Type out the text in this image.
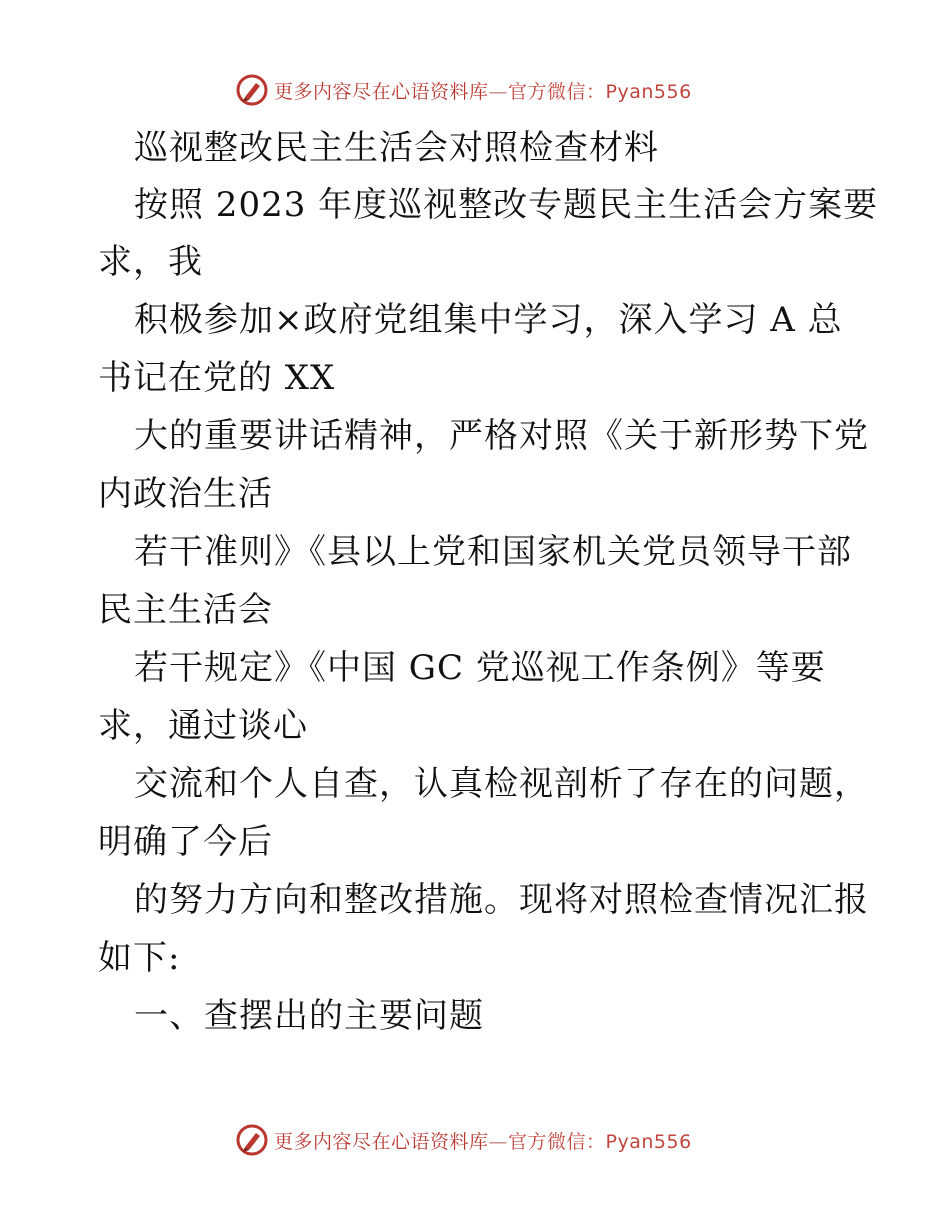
更多内容尽在心语资料库—官方微信：Pyan556
巡视整改民主生活会对照检查材料
按照 2023 年度巡视整改专题民主生活会方案要
求，我
积极参加×政府党组集中学习，深入学习 A 总
书记在党的 XX
大的重要讲话精神，严格对照《关于新形势下党
内政治生活
若干准则》《县以上党和国家机关党员领导干部
民主生活会
若干规定》《中国 GC 党巡视工作条例》等要
求，通过谈心
交流和个人自查，认真检视剖析了存在的问题，
明确了今后
的努力方向和整改措施。现将对照检查情况汇报
如下:
一、查摆出的主要问题
更多内容尽在心语资料库—官方微信：Pyan556
